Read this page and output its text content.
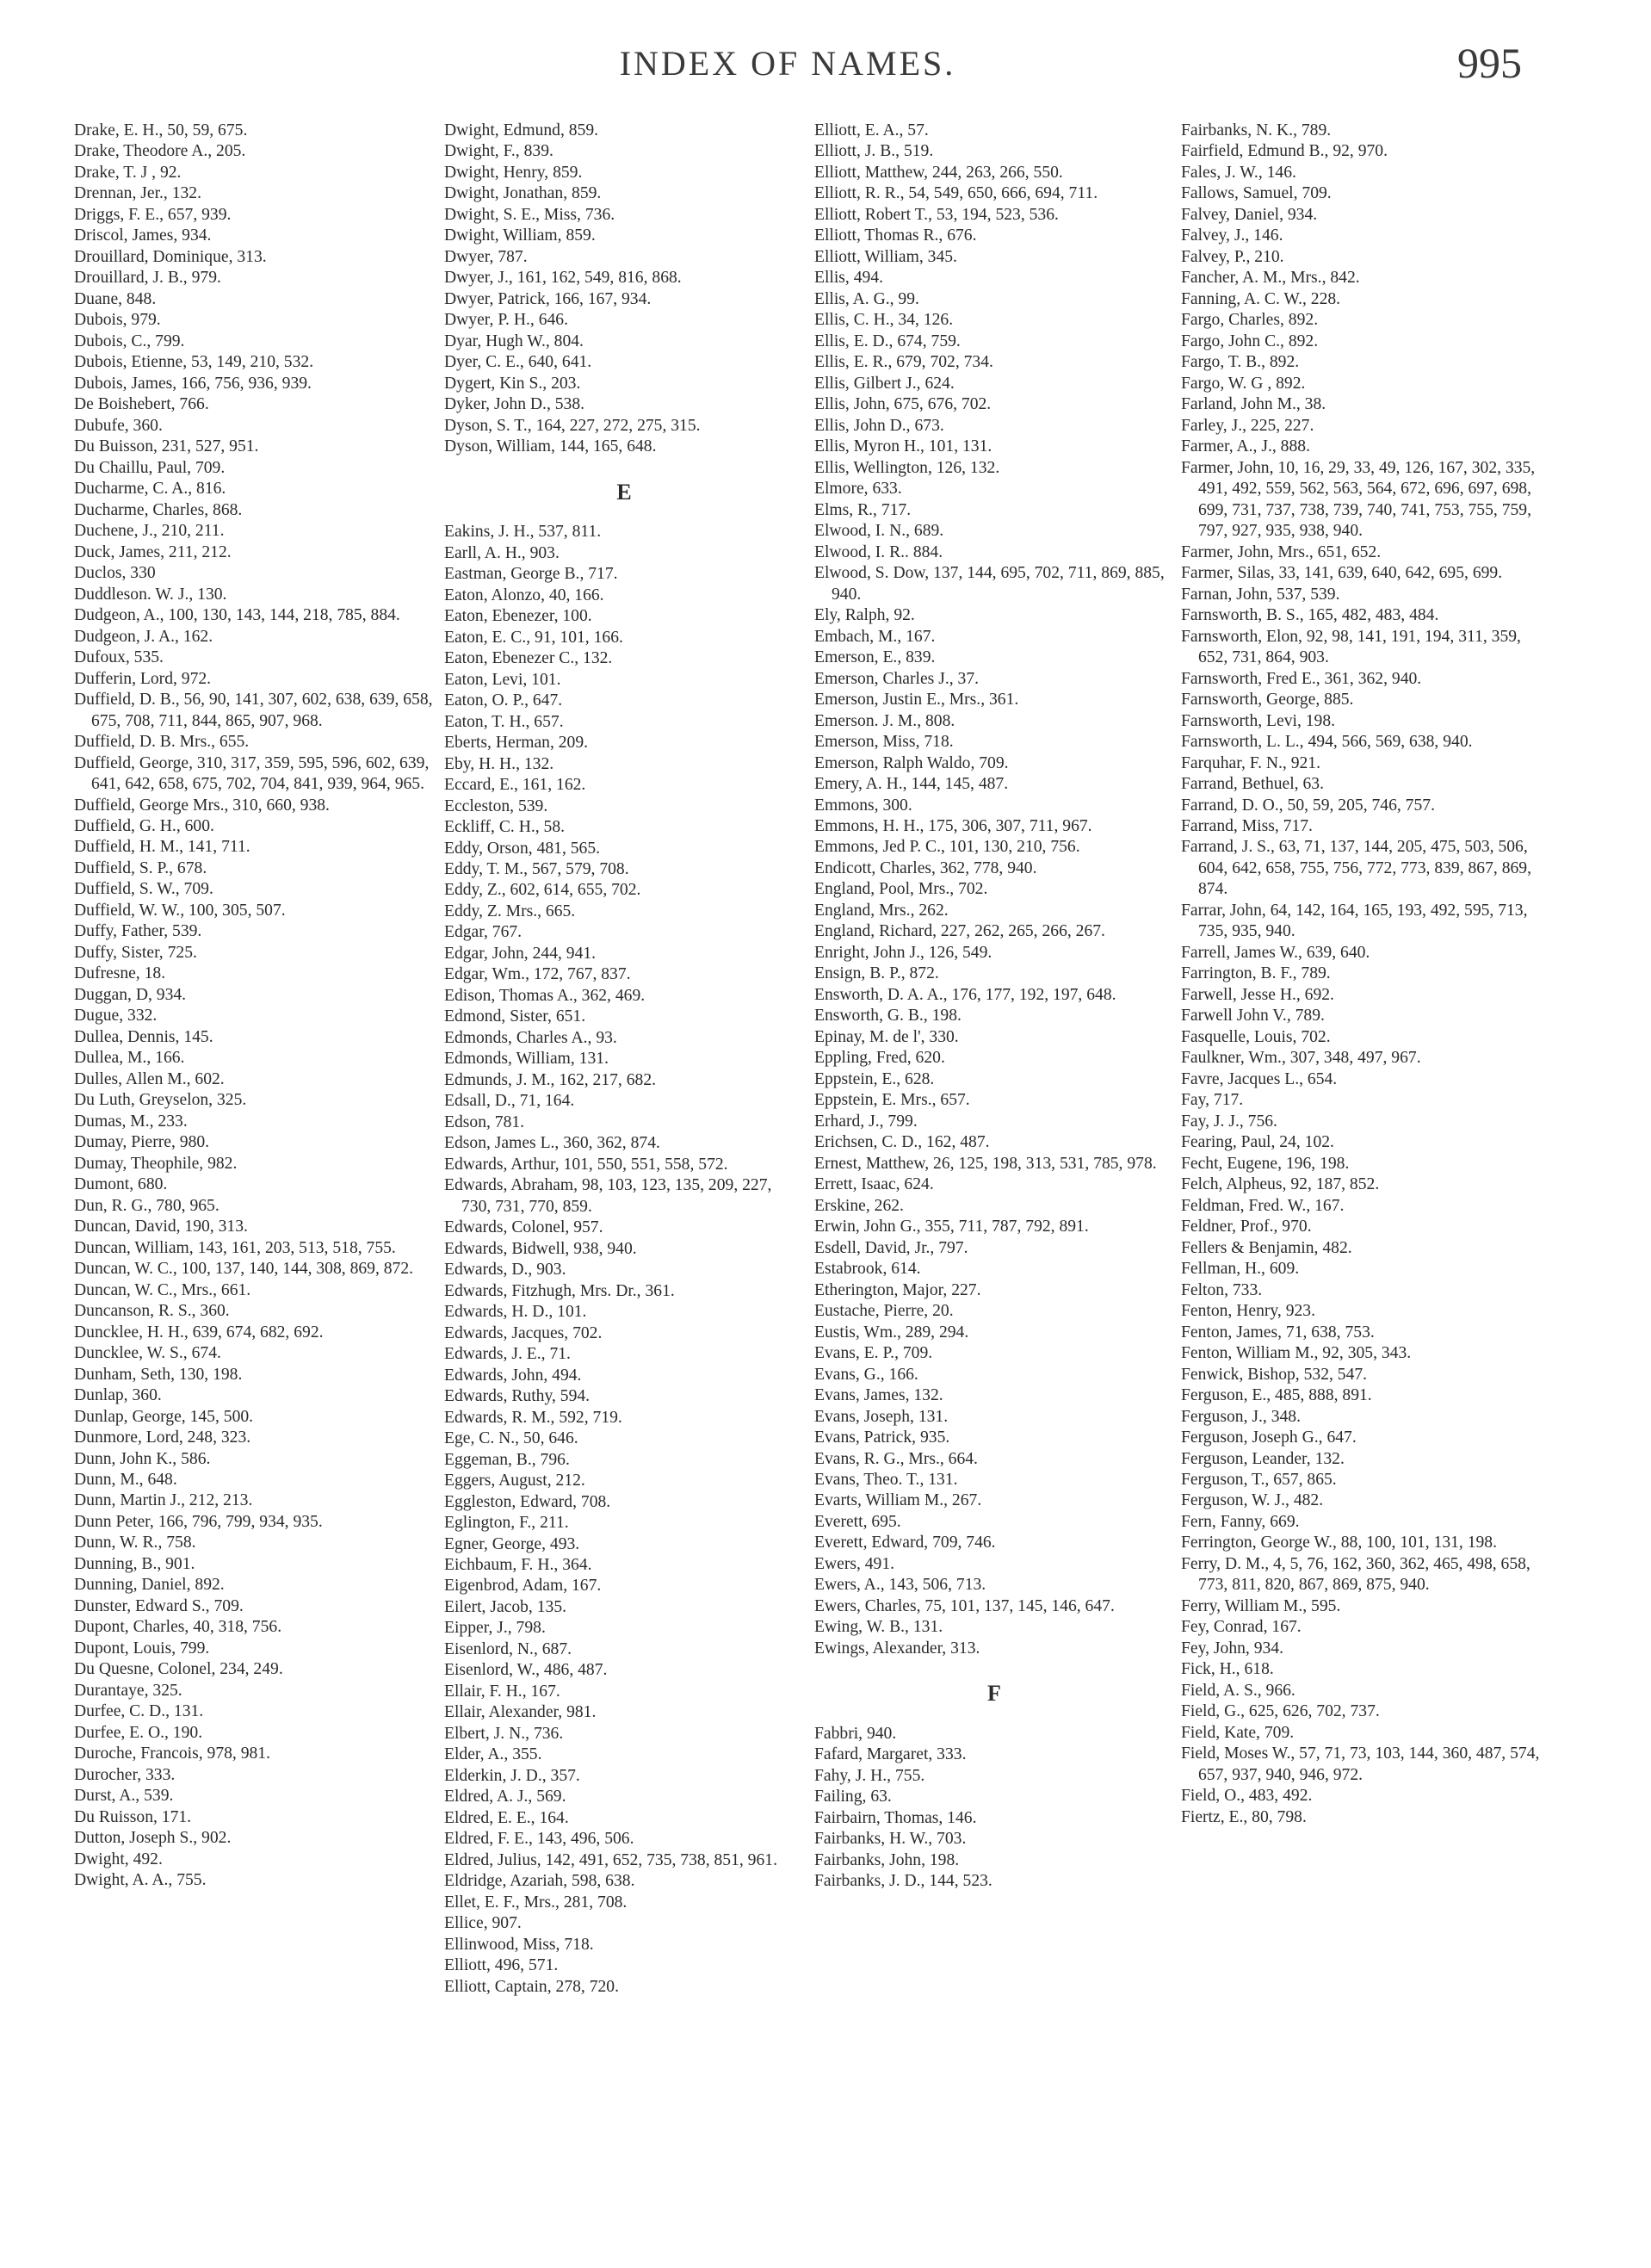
INDEX OF NAMES.	995
Drake, E. H., 50, 59, 675.
Drake, Theodore A., 205.
Drake, T. J , 92.
Drennan, Jer., 132.
Driggs, F. E., 657, 939.
Driscol, James, 934.
Drouillard, Dominique, 313.
Drouillard, J. B., 979.
Duane, 848.
Dubois, 979.
Dubois, C., 799.
Dubois, Etienne, 53, 149, 210, 532.
Dubois, James, 166, 756, 936, 939.
De Boishebert, 766.
Dubufe, 360.
Du Buisson, 231, 527, 951.
Du Chaillu, Paul, 709.
Ducharme, C. A., 816.
Ducharme, Charles, 868.
Duchene, J., 210, 211.
Duck, James, 211, 212.
Duclos, 330
Duddleson. W. J., 130.
Dudgeon, A., 100, 130, 143, 144, 218, 785, 884.
Dudgeon, J. A., 162.
Dufoux, 535.
Dufferin, Lord, 972.
Duffield, D. B., 56, 90, 141, 307, 602, 638, 639, 658, 675, 708, 711, 844, 865, 907, 968.
Duffield, D. B. Mrs., 655.
Duffield, George, 310, 317, 359, 595, 596, 602, 639, 641, 642, 658, 675, 702, 704, 841, 939, 964, 965.
Duffield, George Mrs., 310, 660, 938.
Duffield, G. H., 600.
Duffield, H. M., 141, 711.
Duffield, S. P., 678.
Duffield, S. W., 709.
Duffield, W. W., 100, 305, 507.
Duffy, Father, 539.
Duffy, Sister, 725.
Dufresne, 18.
Duggan, D, 934.
Dugue, 332.
Dullea, Dennis, 145.
Dullea, M., 166.
Dulles, Allen M., 602.
Du Luth, Greyselon, 325.
Dumas, M., 233.
Dumay, Pierre, 980.
Dumay, Theophile, 982.
Dumont, 680.
Dun, R. G., 780, 965.
Duncan, David, 190, 313.
Duncan, William, 143, 161, 203, 513, 518, 755.
Duncan, W. C., 100, 137, 140, 144, 308, 869, 872.
Duncan, W. C., Mrs., 661.
Duncanson, R. S., 360.
Duncklee, H. H., 639, 674, 682, 692.
Duncklee, W. S., 674.
Dunham, Seth, 130, 198.
Dunlap, 360.
Dunlap, George, 145, 500.
Dunmore, Lord, 248, 323.
Dunn, John K., 586.
Dunn, M., 648.
Dunn, Martin J., 212, 213.
Dunn Peter, 166, 796, 799, 934, 935.
Dunn, W. R., 758.
Dunning, B., 901.
Dunning, Daniel, 892.
Dunster, Edward S., 709.
Dupont, Charles, 40, 318, 756.
Dupont, Louis, 799.
Du Quesne, Colonel, 234, 249.
Durantaye, 325.
Durfee, C. D., 131.
Durfee, E. O., 190.
Duroche, Francois, 978, 981.
Durocher, 333.
Durst, A., 539.
Du Ruisson, 171.
Dutton, Joseph S., 902.
Dwight, 492.
Dwight, A. A., 755.
Dwight, Edmund, 859.
Dwight, F., 839.
Dwight, Henry, 859.
Dwight, Jonathan, 859.
Dwight, S. E., Miss, 736.
Dwight, William, 859.
Dwyer, 787.
Dwyer, J., 161, 162, 549, 816, 868.
Dwyer, Patrick, 166, 167, 934.
Dwyer, P. H., 646.
Dyar, Hugh W., 804.
Dyer, C. E., 640, 641.
Dygert, Kin S., 203.
Dyker, John D., 538.
Dyson, S. T., 164, 227, 272, 275, 315.
Dyson, William, 144, 165, 648.
E
Eakins, J. H., 537, 811.
Earll, A. H., 903.
Eastman, George B., 717.
Eaton, Alonzo, 40, 166.
Eaton, Ebenezer, 100.
Eaton, E. C., 91, 101, 166.
Eaton, Ebenezer C., 132.
Eaton, Levi, 101.
Eaton, O. P., 647.
Eaton, T. H., 657.
Eberts, Herman, 209.
Eby, H. H., 132.
Eccard, E., 161, 162.
Eccleston, 539.
Eckliff, C. H., 58.
Eddy, Orson, 481, 565.
Eddy, T. M., 567, 579, 708.
Eddy, Z., 602, 614, 655, 702.
Eddy, Z. Mrs., 665.
Edgar, 767.
Edgar, John, 244, 941.
Edgar, Wm., 172, 767, 837.
Edison, Thomas A., 362, 469.
Edmond, Sister, 651.
Edmonds, Charles A., 93.
Edmonds, William, 131.
Edmunds, J. M., 162, 217, 682.
Edsall, D., 71, 164.
Edson, 781.
Edson, James L., 360, 362, 874.
Edwards, Arthur, 101, 550, 551, 558, 572.
Edwards, Abraham, 98, 103, 123, 135, 209, 227, 730, 731, 770, 859.
Edwards, Colonel, 957.
Edwards, Bidwell, 938, 940.
Edwards, D., 903.
Edwards, Fitzhugh, Mrs. Dr., 361.
Edwards, H. D., 101.
Edwards, Jacques, 702.
Edwards, J. E., 71.
Edwards, John, 494.
Edwards, Ruthy, 594.
Edwards, R. M., 592, 719.
Ege, C. N., 50, 646.
Eggeman, B., 796.
Eggers, August, 212.
Eggleston, Edward, 708.
Eglington, F., 211.
Egner, George, 493.
Eichbaum, F. H., 364.
Eigenbrod, Adam, 167.
Eilert, Jacob, 135.
Eipper, J., 798.
Eisenlord, N., 687.
Eisenlord, W., 486, 487.
Ellair, F. H., 167.
Ellair, Alexander, 981.
Elbert, J. N., 736.
Elder, A., 355.
Elderkin, J. D., 357.
Eldred, A. J., 569.
Eldred, E. E., 164.
Eldred, F. E., 143, 496, 506.
Eldred, Julius, 142, 491, 652, 735, 738, 851, 961.
Eldridge, Azariah, 598, 638.
Ellet, E. F., Mrs., 281, 708.
Ellice, 907.
Ellinwood, Miss, 718.
Elliott, 496, 571.
Elliott, Captain, 278, 720.
Elliott, E. A., 57.
Elliott, J. B., 519.
Elliott, Matthew, 244, 263, 266, 550.
Elliott, R. R., 54, 549, 650, 666, 694, 711.
Elliott, Robert T., 53, 194, 523, 536.
Elliott, Thomas R., 676.
Elliott, William, 345.
Ellis, 494.
Ellis, A. G., 99.
Ellis, C. H., 34, 126.
Ellis, E. D., 674, 759.
Ellis, E. R., 679, 702, 734.
Ellis, Gilbert J., 624.
Ellis, John, 675, 676, 702.
Ellis, John D., 673.
Ellis, Myron H., 101, 131.
Ellis, Wellington, 126, 132.
Elmore, 633.
Elms, R., 717.
Elwood, I. N., 689.
Elwood, I. R.. 884.
Elwood, S. Dow, 137, 144, 695, 702, 711, 869, 885, 940.
Ely, Ralph, 92.
Embach, M., 167.
Emerson, E., 839.
Emerson, Charles J., 37.
Emerson, Justin E., Mrs., 361.
Emerson. J. M., 808.
Emerson, Miss, 718.
Emerson, Ralph Waldo, 709.
Emery, A. H., 144, 145, 487.
Emmons, 300.
Emmons, H. H., 175, 306, 307, 711, 967.
Emmons, Jed P. C., 101, 130, 210, 756.
Endicott, Charles, 362, 778, 940.
England, Pool, Mrs., 702.
England, Mrs., 262.
England, Richard, 227, 262, 265, 266, 267.
Enright, John J., 126, 549.
Ensign, B. P., 872.
Ensworth, D. A. A., 176, 177, 192, 197, 648.
Ensworth, G. B., 198.
Epinay, M. de l', 330.
Eppling, Fred, 620.
Eppstein, E., 628.
Eppstein, E. Mrs., 657.
Erhard, J., 799.
Erichsen, C. D., 162, 487.
Ernest, Matthew, 26, 125, 198, 313, 531, 785, 978.
Errett, Isaac, 624.
Erskine, 262.
Erwin, John G., 355, 711, 787, 792, 891.
Esdell, David, Jr., 797.
Estabrook, 614.
Etherington, Major, 227.
Eustache, Pierre, 20.
Eustis, Wm., 289, 294.
Evans, E. P., 709.
Evans, G., 166.
Evans, James, 132.
Evans, Joseph, 131.
Evans, Patrick, 935.
Evans, R. G., Mrs., 664.
Evans, Theo. T., 131.
Evarts, William M., 267.
Everett, 695.
Everett, Edward, 709, 746.
Ewers, 491.
Ewers, A., 143, 506, 713.
Ewers, Charles, 75, 101, 137, 145, 146, 647.
Ewing, W. B., 131.
Ewings, Alexander, 313.
F
Fabbri, 940.
Fafard, Margaret, 333.
Fahy, J. H., 755.
Failing, 63.
Fairbairn, Thomas, 146.
Fairbanks, H. W., 703.
Fairbanks, John, 198.
Fairbanks, J. D., 144, 523.
Fairbanks, N. K., 789.
Fairfield, Edmund B., 92, 970.
Fales, J. W., 146.
Fallows, Samuel, 709.
Falvey, Daniel, 934.
Falvey, J., 146.
Falvey, P., 210.
Fancher, A. M., Mrs., 842.
Fanning, A. C. W., 228.
Fargo, Charles, 892.
Fargo, John C., 892.
Fargo, T. B., 892.
Fargo, W. G , 892.
Farland, John M., 38.
Farley, J., 225, 227.
Farmer, A., J., 888.
Farmer, John, 10, 16, 29, 33, 49, 126, 167, 302, 335, 491, 492, 559, 562, 563, 564, 672, 696, 697, 698, 699, 731, 737, 738, 739, 740, 741, 753, 755, 759, 797, 927, 935, 938, 940.
Farmer, John, Mrs., 651, 652.
Farmer, Silas, 33, 141, 639, 640, 642, 695, 699.
Farnan, John, 537, 539.
Farnsworth, B. S., 165, 482, 483, 484.
Farnsworth, Elon, 92, 98, 141, 191, 194, 311, 359, 652, 731, 864, 903.
Farnsworth, Fred E., 361, 362, 940.
Farnsworth, George, 885.
Farnsworth, Levi, 198.
Farnsworth, L. L., 494, 566, 569, 638, 940.
Farquhar, F. N., 921.
Farrand, Bethuel, 63.
Farrand, D. O., 50, 59, 205, 746, 757.
Farrand, Miss, 717.
Farrand, J. S., 63, 71, 137, 144, 205, 475, 503, 506, 604, 642, 658, 755, 756, 772, 773, 839, 867, 869, 874.
Farrar, John, 64, 142, 164, 165, 193, 492, 595, 713, 735, 935, 940.
Farrell, James W., 639, 640.
Farrington, B. F., 789.
Farwell, Jesse H., 692.
Farwell John V., 789.
Fasquelle, Louis, 702.
Faulkner, Wm., 307, 348, 497, 967.
Favre, Jacques L., 654.
Fay, 717.
Fay, J. J., 756.
Fearing, Paul, 24, 102.
Fecht, Eugene, 196, 198.
Felch, Alpheus, 92, 187, 852.
Feldman, Fred. W., 167.
Feldner, Prof., 970.
Fellers & Benjamin, 482.
Fellman, H., 609.
Felton, 733.
Fenton, Henry, 923.
Fenton, James, 71, 638, 753.
Fenton, William M., 92, 305, 343.
Fenwick, Bishop, 532, 547.
Ferguson, E., 485, 888, 891.
Ferguson, J., 348.
Ferguson, Joseph G., 647.
Ferguson, Leander, 132.
Ferguson, T., 657, 865.
Ferguson, W. J., 482.
Fern, Fanny, 669.
Ferrington, George W., 88, 100, 101, 131, 198.
Ferry, D. M., 4, 5, 76, 162, 360, 362, 465, 498, 658, 773, 811, 820, 867, 869, 875, 940.
Ferry, William M., 595.
Fey, Conrad, 167.
Fey, John, 934.
Fick, H., 618.
Field, A. S., 966.
Field, G., 625, 626, 702, 737.
Field, Kate, 709.
Field, Moses W., 57, 71, 73, 103, 144, 360, 487, 574, 657, 937, 940, 946, 972.
Field, O., 483, 492.
Fiertz, E., 80, 798.
